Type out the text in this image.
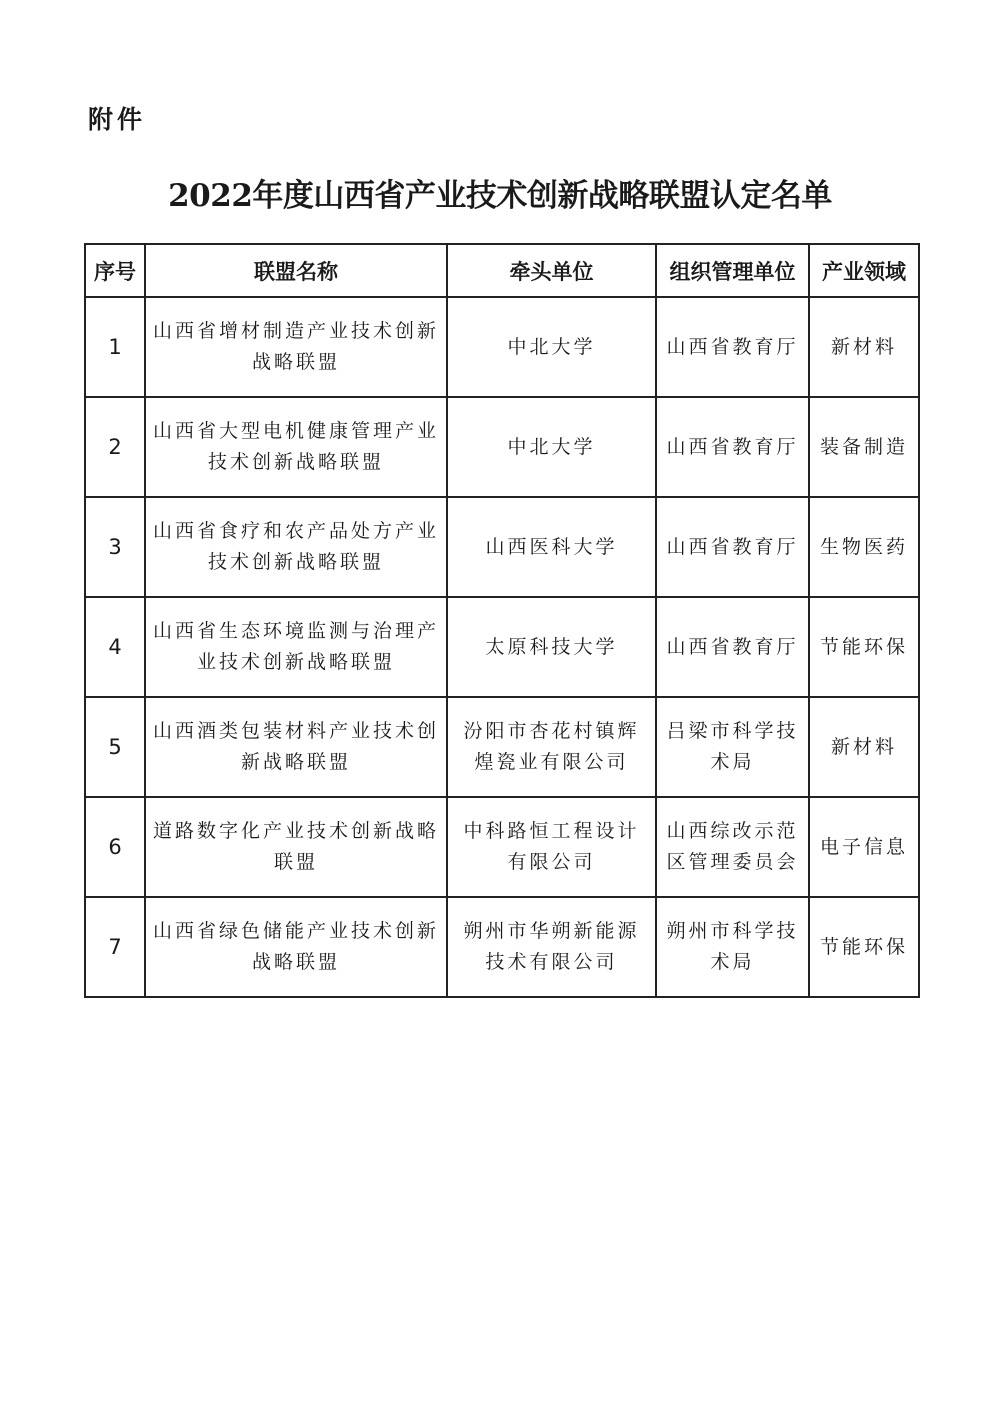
附件
2022年度山西省产业技术创新战略联盟认定名单
序号	联盟名称	牵头单位	组织管理单位	产业领域
1	山西省增材制造产业技术创新战略联盟	中北大学	山西省教育厅	新材料
2	山西省大型电机健康管理产业技术创新战略联盟	中北大学	山西省教育厅	装备制造
3	山西省食疗和农产品处方产业技术创新战略联盟	山西医科大学	山西省教育厅	生物医药
4	山西省生态环境监测与治理产业技术创新战略联盟	太原科技大学	山西省教育厅	节能环保
5	山西酒类包装材料产业技术创新战略联盟	汾阳市杏花村镇辉煌瓷业有限公司	吕梁市科学技术局	新材料
6	道路数字化产业技术创新战略联盟	中科路恒工程设计有限公司	山西综改示范区管理委员会	电子信息
7	山西省绿色储能产业技术创新战略联盟	朔州市华朔新能源技术有限公司	朔州市科学技术局	节能环保
